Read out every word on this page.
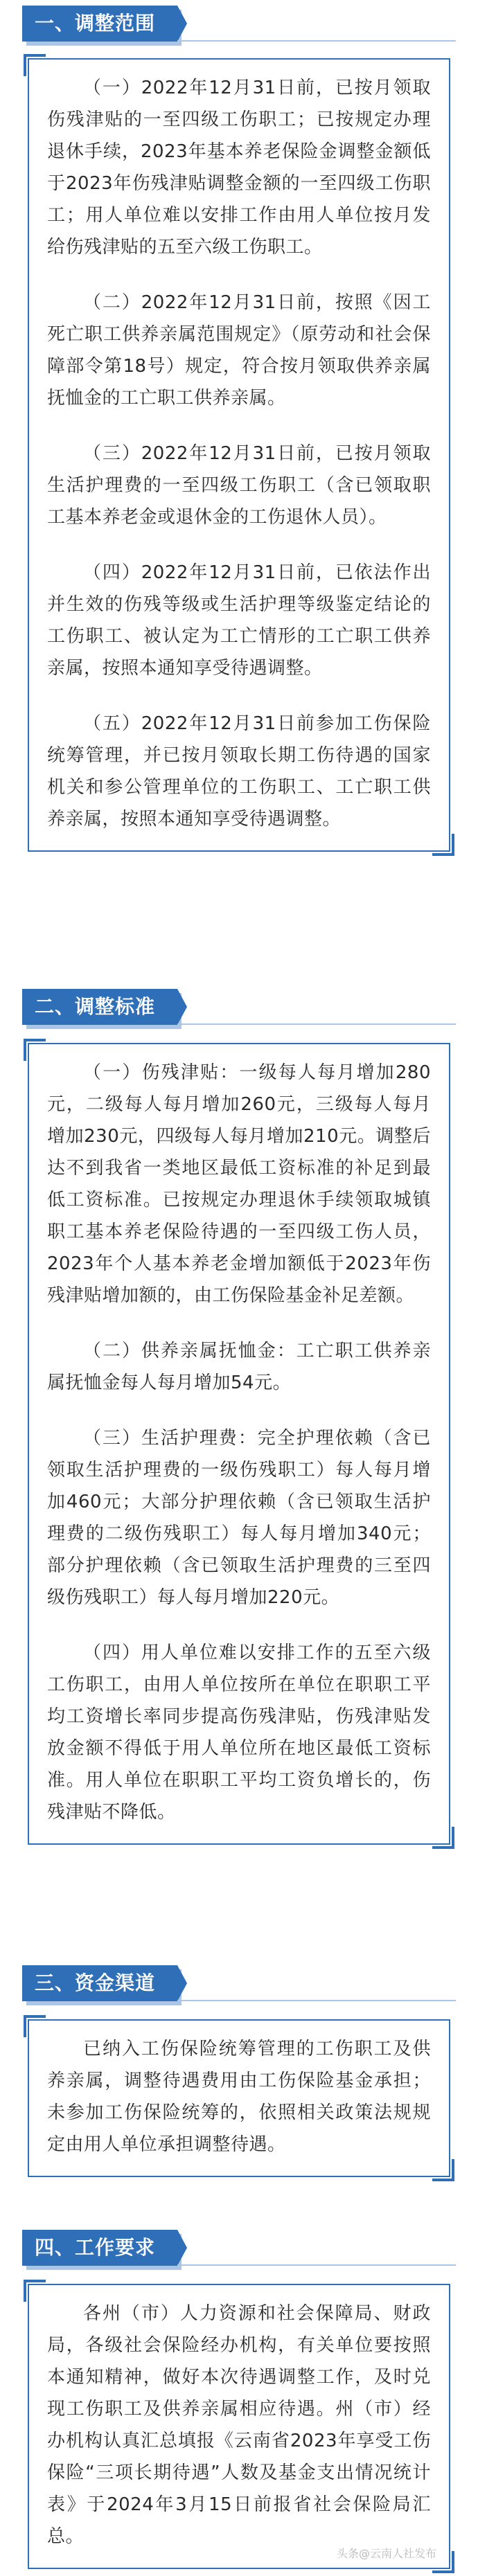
一、调整范围

（一）2022年12月31日前，已按月领取伤残津贴的一至四级工伤职工；已按规定办理退休手续，2023年基本养老保险金调整金额低于2023年伤残津贴调整金额的一至四级工伤职工；用人单位难以安排工作由用人单位按月发给伤残津贴的五至六级工伤职工。

（二）2022年12月31日前，按照《因工死亡职工供养亲属范围规定》（原劳动和社会保障部令第18号）规定，符合按月领取供养亲属抚恤金的工亡职工供养亲属。

（三）2022年12月31日前，已按月领取生活护理费的一至四级工伤职工（含已领取职工基本养老金或退休金的工伤退休人员）。

（四）2022年12月31日前，已依法作出并生效的伤残等级或生活护理等级鉴定结论的工伤职工、被认定为工亡情形的工亡职工供养亲属，按照本通知享受待遇调整。

（五）2022年12月31日前参加工伤保险统筹管理，并已按月领取长期工伤待遇的国家机关和参公管理单位的工伤职工、工亡职工供养亲属，按照本通知享受待遇调整。

二、调整标准

（一）伤残津贴：一级每人每月增加280元，二级每人每月增加260元，三级每人每月增加230元，四级每人每月增加210元。调整后达不到我省一类地区最低工资标准的补足到最低工资标准。已按规定办理退休手续领取城镇职工基本养老保险待遇的一至四级工伤人员，2023年个人基本养老金增加额低于2023年伤残津贴增加额的，由工伤保险基金补足差额。

（二）供养亲属抚恤金：工亡职工供养亲属抚恤金每人每月增加54元。

（三）生活护理费：完全护理依赖（含已领取生活护理费的一级伤残职工）每人每月增加460元；大部分护理依赖（含已领取生活护理费的二级伤残职工）每人每月增加340元；部分护理依赖（含已领取生活护理费的三至四级伤残职工）每人每月增加220元。

（四）用人单位难以安排工作的五至六级工伤职工，由用人单位按所在单位在职职工平均工资增长率同步提高伤残津贴，伤残津贴发放金额不得低于用人单位所在地区最低工资标准。用人单位在职职工平均工资负增长的，伤残津贴不降低。

三、资金渠道

已纳入工伤保险统筹管理的工伤职工及供养亲属，调整待遇费用由工伤保险基金承担；未参加工伤保险统筹的，依照相关政策法规规定由用人单位承担调整待遇。

四、工作要求

各州（市）人力资源和社会保障局、财政局，各级社会保险经办机构，有关单位要按照本通知精神，做好本次待遇调整工作，及时兑现工伤职工及供养亲属相应待遇。州（市）经办机构认真汇总填报《云南省2023年享受工伤保险“三项长期待遇”人数及基金支出情况统计表》于2024年3月15日前报省社会保险局汇总。

头条@云南人社发布
